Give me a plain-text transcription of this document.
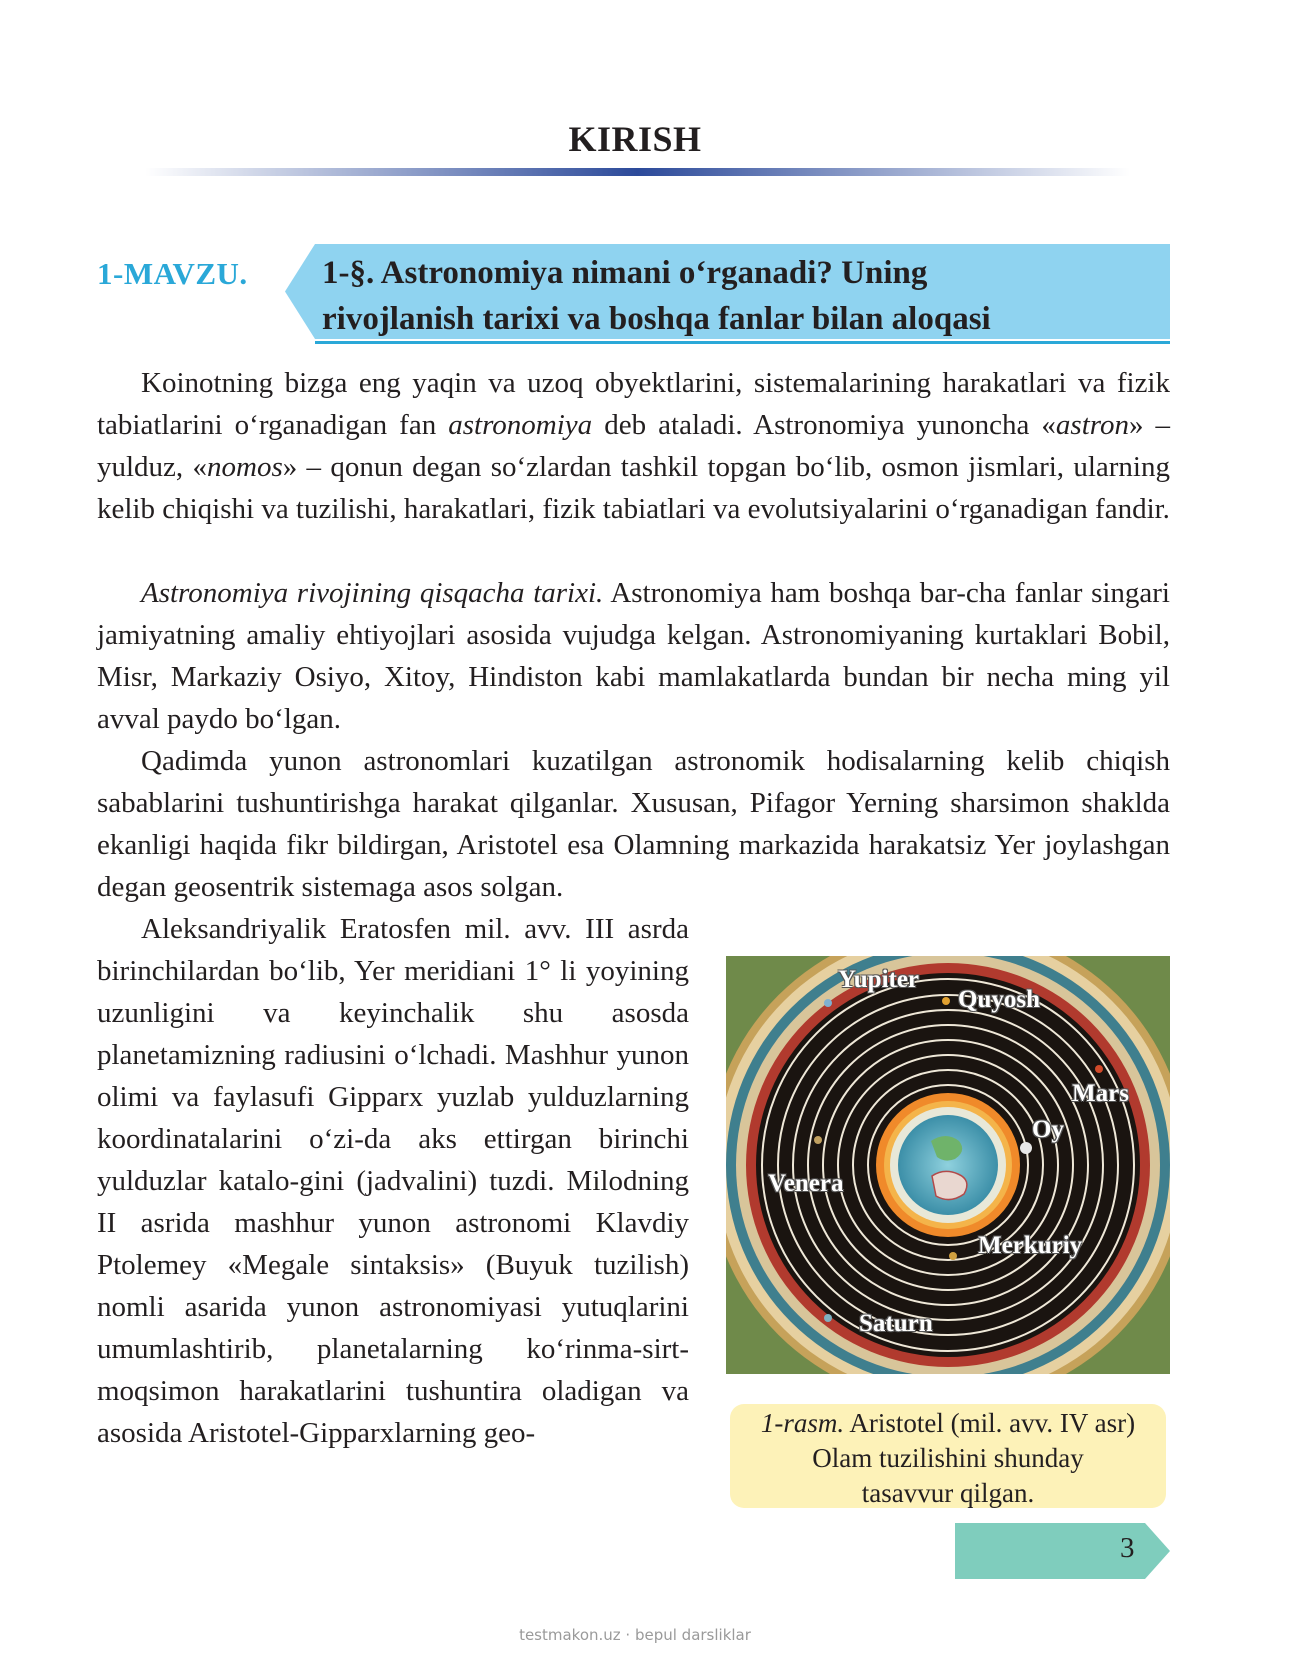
KIRISH
1-MAVZU. 1-§. Astronomiya nimani o‘rganadi? Uning
rivojlanish tarixi va boshqa fanlar bilan aloqasi

Koinotning bizga eng yaqin va uzoq obyektlarini, sistemalarining harakatlari va fizik tabiatlarini o‘rganadigan fan astronomiya deb ataladi. Astronomiya yunoncha «astron» – yulduz, «nomos» – qonun degan so‘zlardan tashkil topgan bo‘lib, osmon jismlari, ularning kelib chiqishi va tuzilishi, harakatlari, fizik tabiatlari va evolutsiyalarini o‘rganadigan fandir.

Astronomiya rivojining qisqacha tarixi. Astronomiya ham boshqa bar-cha fanlar singari jamiyatning amaliy ehtiyojlari asosida vujudga kelgan. Astronomiyaning kurtaklari Bobil, Misr, Markaziy Osiyo, Xitoy, Hindiston kabi mamlakatlarda bundan bir necha ming yil avval paydo bo‘lgan.

Qadimda yunon astronomlari kuzatilgan astronomik hodisalarning kelib chiqish sabablarini tushuntirishga harakat qilganlar. Xususan, Pifagor Yerning sharsimon shaklda ekanligi haqida fikr bildirgan, Aristotel esa Olamning markazida harakatsiz Yer joylashgan degan geosentrik sistemaga asos solgan.

Aleksandriyalik Eratosfen mil. avv. III asrda birinchilardan bo‘lib, Yer meridiani 1° li yoyining uzunligini va keyinchalik shu asosda planetamizning radiusini o‘lchadi. Mashhur yunon olimi va faylasufi Gipparx yuzlab yulduzlarning koordinatalarini o‘zi-da aks ettirgan birinchi yulduzlar katalo-gini (jadvalini) tuzdi. Milodning II asrida mashhur yunon astronomi Klavdiy Ptolemey «Megale sintaksis» (Buyuk tuzilish) nomli asarida yunon astronomiyasi yutuqlarini umumlashtirib, planetalarning ko‘rinma-sirt-moqsimon harakatlarini tushuntira oladigan va asosida Aristotel-Gipparxlarning geo-

Yupiter
Quyosh
Mars
Oy
Venera
Merkuriy
Saturn
1-rasm. Aristotel (mil. avv. IV asr)
Olam tuzilishini shunday
tasavvur qilgan.
3
testmakon.uz · bepul darsliklar
